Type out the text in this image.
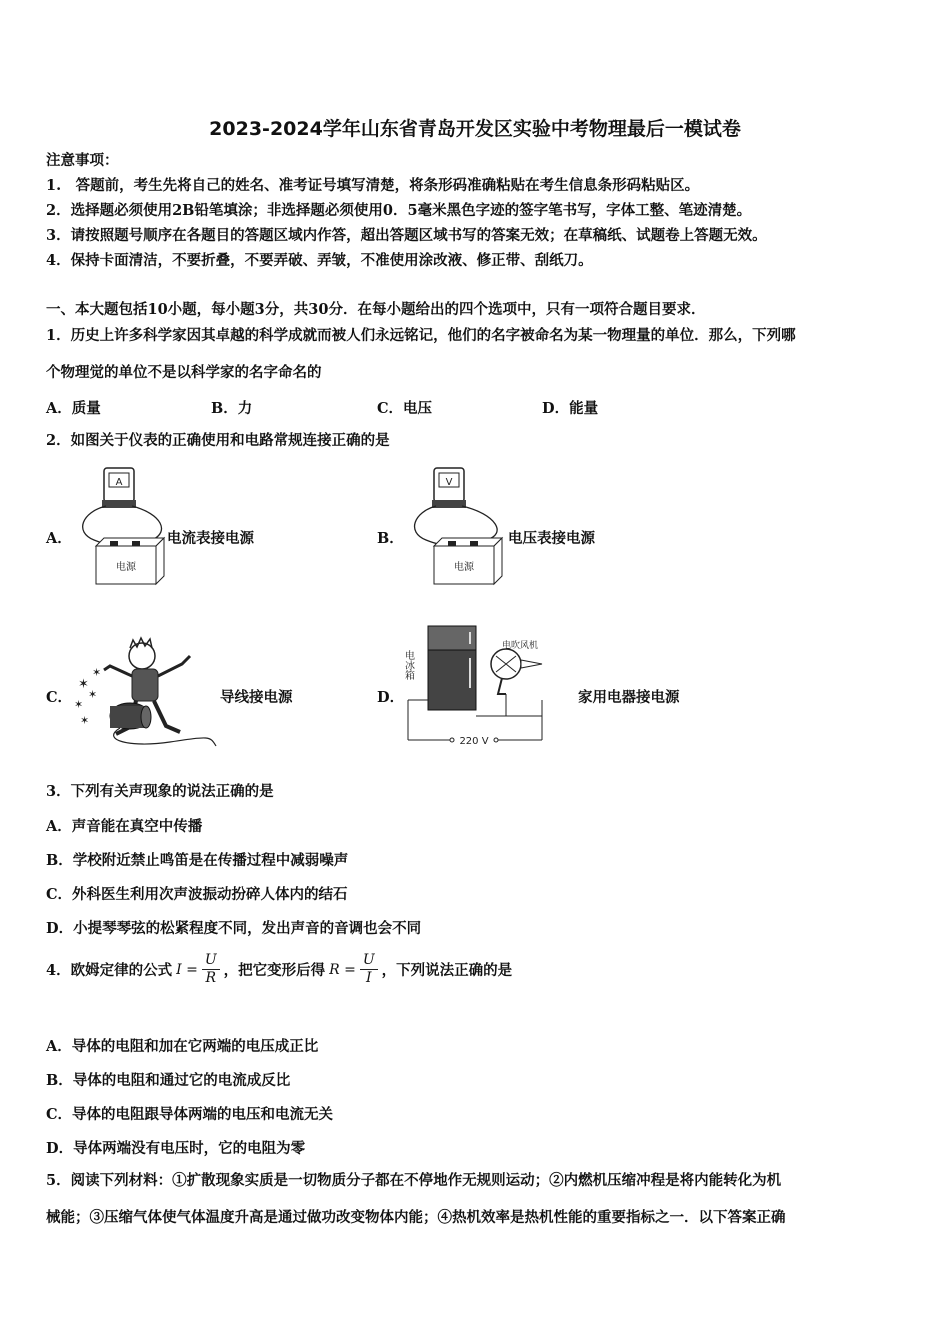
2023-2024学年山东省青岛开发区实验中考物理最后一模试卷
注意事项：
1.　答题前，考生先将自己的姓名、准考证号填写清楚，将条形码准确粘贴在考生信息条形码粘贴区。
2．选择题必须使用2B铅笔填涂；非选择题必须使用0．5毫米黑色字迹的签字笔书写，字体工整、笔迹清楚。
3．请按照题号顺序在各题目的答题区域内作答，超出答题区域书写的答案无效；在草稿纸、试题卷上答题无效。
4．保持卡面清洁，不要折叠，不要弄破、弄皱，不准使用涂改液、修正带、刮纸刀。
一、本大题包括10小题，每小题3分，共30分．在每小题给出的四个选项中，只有一项符合题目要求．
1．历史上许多科学家因其卓越的科学成就而被人们永远铭记，他们的名字被命名为某一物理量的单位．那么，下列哪
个物理觉的单位不是以科学家的名字命名的
A．质量	B．力	C．电压	D．能量
2．如图关于仪表的正确使用和电路常规连接正确的是
A．
A
电源
电流表接电源	B．
V
电源
电压表接电源
C．
✶
✶
✶
✶
✶
导线接电源	D．
电冰箱
电吹风机
220 V
家用电器接电源
3．下列有关声现象的说法正确的是
A．声音能在真空中传播
B．学校附近禁止鸣笛是在传播过程中减弱噪声
C．外科医生利用次声波振动扮碎人体内的结石
D．小提琴琴弦的松紧程度不同，发出声音的音调也会不同
4．欧姆定律的公式 $I = \frac{U}{R}$ ，把它变形后得 $R = \frac{U}{I}$ ，下列说法正确的是
A．导体的电阻和加在它两端的电压成正比
B．导体的电阻和通过它的电流成反比
C．导体的电阻跟导体两端的电压和电流无关
D．导体两端没有电压时，它的电阻为零
5．阅读下列材料：①扩散现象实质是一切物质分子都在不停地作无规则运动；②内燃机压缩冲程是将内能转化为机
械能；③压缩气体使气体温度升高是通过做功改变物体内能；④热机效率是热机性能的重要指标之一．以下答案正确
